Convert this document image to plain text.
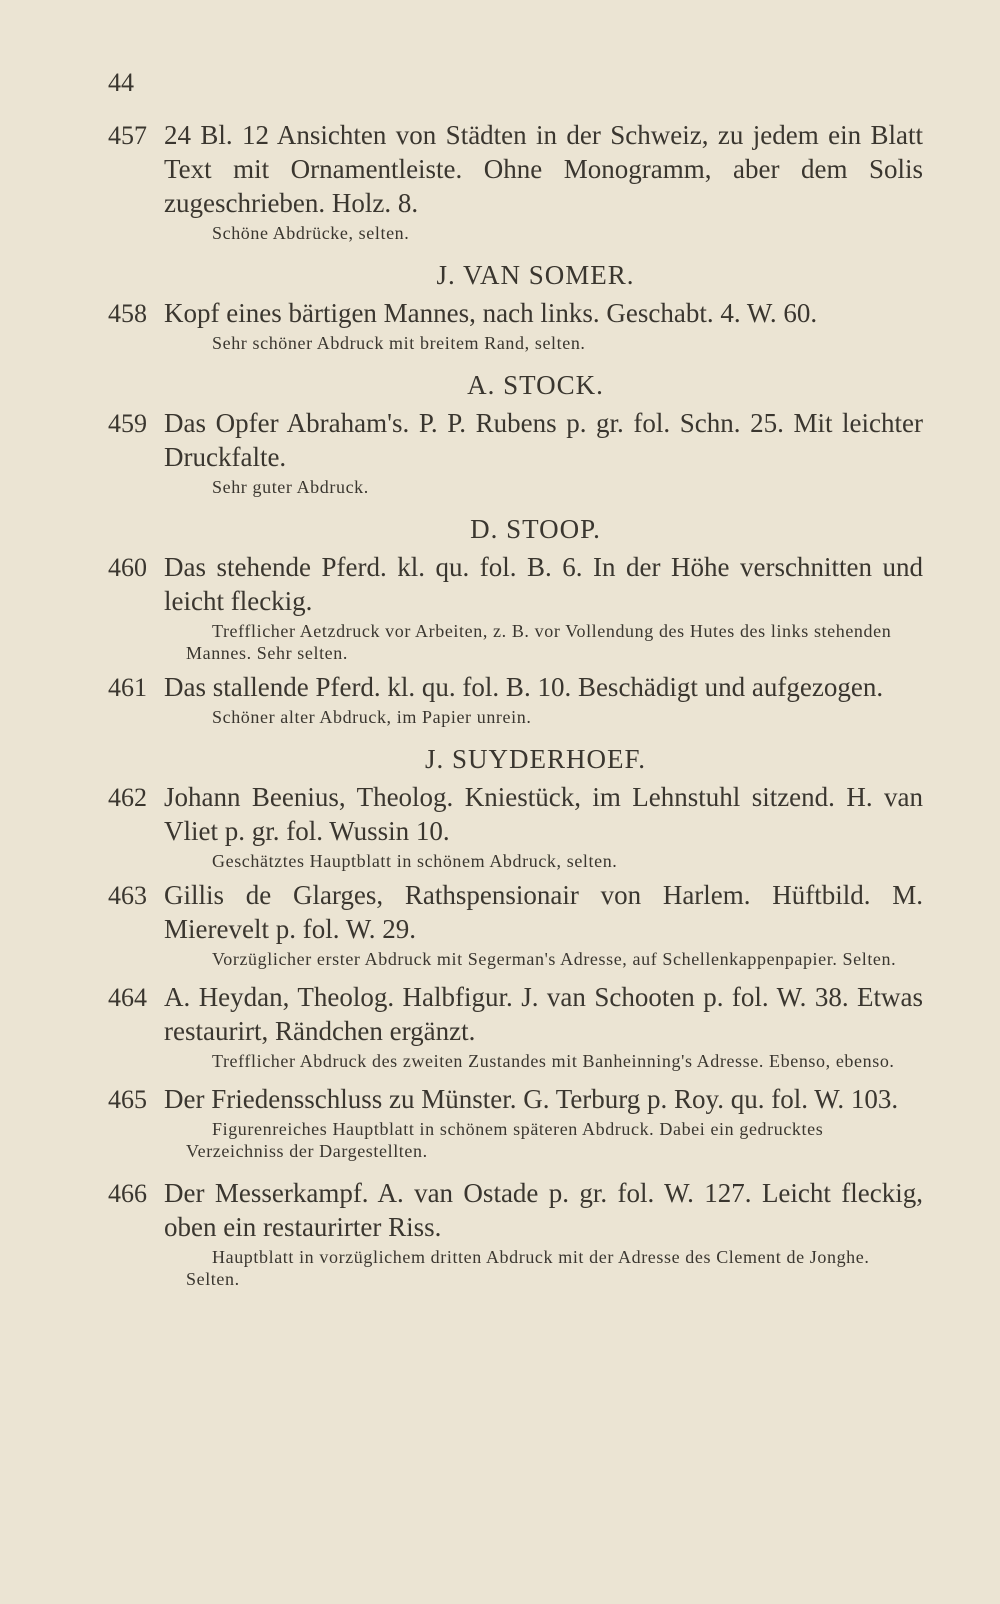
44
457 24 Bl. 12 Ansichten von Städten in der Schweiz, zu jedem ein Blatt Text mit Ornamentleiste. Ohne Monogramm, aber dem Solis zugeschrieben. Holz. 8.
Schöne Abdrücke, selten.
J. VAN SOMER.
458 Kopf eines bärtigen Mannes, nach links. Geschabt. 4. W. 60.
Sehr schöner Abdruck mit breitem Rand, selten.
A. STOCK.
459 Das Opfer Abraham's. P. P. Rubens p. gr. fol. Schn. 25. Mit leichter Druckfalte.
Sehr guter Abdruck.
D. STOOP.
460 Das stehende Pferd. kl. qu. fol. B. 6. In der Höhe verschnitten und leicht fleckig.
Trefflicher Aetzdruck vor Arbeiten, z. B. vor Vollendung des Hutes des links stehenden Mannes. Sehr selten.
461 Das stallende Pferd. kl. qu. fol. B. 10. Beschädigt und aufgezogen.
Schöner alter Abdruck, im Papier unrein.
J. SUYDERHOEF.
462 Johann Beenius, Theolog. Kniestück, im Lehnstuhl sitzend. H. van Vliet p. gr. fol. Wussin 10.
Geschätztes Hauptblatt in schönem Abdruck, selten.
463 Gillis de Glarges, Rathspensionair von Harlem. Hüftbild. M. Mierevelt p. fol. W. 29.
Vorzüglicher erster Abdruck mit Segerman's Adresse, auf Schellenkappenpapier. Selten.
464 A. Heydan, Theolog. Halbfigur. J. van Schooten p. fol. W. 38. Etwas restaurirt, Rändchen ergänzt.
Trefflicher Abdruck des zweiten Zustandes mit Banheinning's Adresse. Ebenso, ebenso.
465 Der Friedensschluss zu Münster. G. Terburg p. Roy. qu. fol. W. 103.
Figurenreiches Hauptblatt in schönem späteren Abdruck. Dabei ein gedrucktes Verzeichniss der Dargestellten.
466 Der Messerkampf. A. van Ostade p. gr. fol. W. 127. Leicht fleckig, oben ein restaurirter Riss.
Hauptblatt in vorzüglichem dritten Abdruck mit der Adresse des Clement de Jonghe. Selten.
